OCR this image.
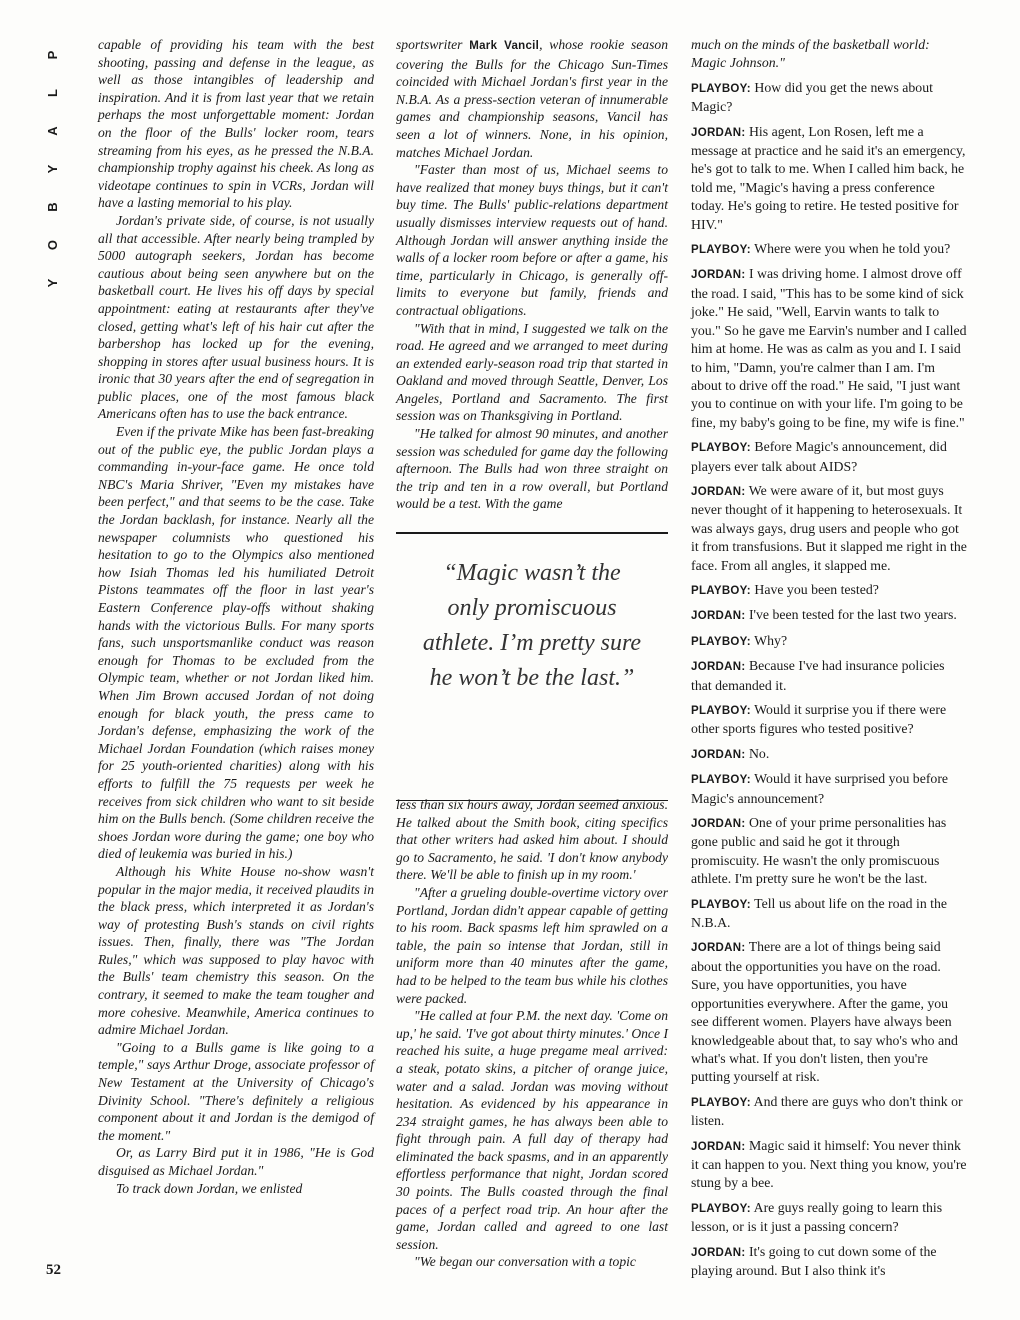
P
L
A
Y
B
O
Y
52

capable of providing his team with the best shooting, passing and defense in the league, as well as those intangibles of leadership and inspiration. And it is from last year that we retain perhaps the most unforgettable moment: Jordan on the floor of the Bulls' locker room, tears streaming from his eyes, as he pressed the N.B.A. championship trophy against his cheek. As long as videotape continues to spin in VCRs, Jordan will have a lasting memorial to his play.

Jordan's private side, of course, is not usually all that accessible. After nearly being trampled by 5000 autograph seekers, Jordan has become cautious about being seen anywhere but on the basketball court. He lives his off days by special appointment: eating at restaurants after they've closed, getting what's left of his hair cut after the barbershop has locked up for the evening, shopping in stores after usual business hours. It is ironic that 30 years after the end of segregation in public places, one of the most famous black Americans often has to use the back entrance.

Even if the private Mike has been fast-breaking out of the public eye, the public Jordan plays a commanding in-your-face game. He once told NBC's Maria Shriver, "Even my mistakes have been perfect," and that seems to be the case. Take the Jordan backlash, for instance. Nearly all the newspaper columnists who questioned his hesitation to go to the Olympics also mentioned how Isiah Thomas led his humiliated Detroit Pistons teammates off the floor in last year's Eastern Conference play-offs without shaking hands with the victorious Bulls. For many sports fans, such unsportsmanlike conduct was reason enough for Thomas to be excluded from the Olympic team, whether or not Jordan liked him. When Jim Brown accused Jordan of not doing enough for black youth, the press came to Jordan's defense, emphasizing the work of the Michael Jordan Foundation (which raises money for 25 youth-oriented charities) along with his efforts to fulfill the 75 requests per week he receives from sick children who want to sit beside him on the Bulls bench. (Some children receive the shoes Jordan wore during the game; one boy who died of leukemia was buried in his.)

Although his White House no-show wasn't popular in the major media, it received plaudits in the black press, which interpreted it as Jordan's way of protesting Bush's stands on civil rights issues. Then, finally, there was "The Jordan Rules," which was supposed to play havoc with the Bulls' team chemistry this season. On the contrary, it seemed to make the team tougher and more cohesive. Meanwhile, America continues to admire Michael Jordan.

"Going to a Bulls game is like going to a temple," says Arthur Droge, associate professor of New Testament at the University of Chicago's Divinity School. "There's definitely a religious component about it and Jordan is the demigod of the moment."

Or, as Larry Bird put it in 1986, "He is God disguised as Michael Jordan."

To track down Jordan, we enlisted

sportswriter Mark Vancil, whose rookie season covering the Bulls for the Chicago Sun-Times coincided with Michael Jordan's first year in the N.B.A. As a press-section veteran of innumerable games and championship seasons, Vancil has seen a lot of winners. None, in his opinion, matches Michael Jordan.

"Faster than most of us, Michael seems to have realized that money buys things, but it can't buy time. The Bulls' public-relations department usually dismisses interview requests out of hand. Although Jordan will answer anything inside the walls of a locker room before or after a game, his time, particularly in Chicago, is generally off-limits to everyone but family, friends and contractual obligations.

"With that in mind, I suggested we talk on the road. He agreed and we arranged to meet during an extended early-season road trip that started in Oakland and moved through Seattle, Denver, Los Angeles, Portland and Sacramento. The first session was on Thanksgiving in Portland.

"He talked for almost 90 minutes, and another session was scheduled for game day the following afternoon. The Bulls had won three straight on the trip and ten in a row overall, but Portland would be a test. With the game

less than six hours away, Jordan seemed anxious. He talked about the Smith book, citing specifics that other writers had asked him about. I should go to Sacramento, he said. 'I don't know anybody there. We'll be able to finish up in my room.'

"After a grueling double-overtime victory over Portland, Jordan didn't appear capable of getting to his room. Back spasms left him sprawled on a table, the pain so intense that Jordan, still in uniform more than 40 minutes after the game, had to be helped to the team bus while his clothes were packed.

"He called at four P.M. the next day. 'Come on up,' he said. 'I've got about thirty minutes.' Once I reached his suite, a huge pregame meal arrived: a steak, potato skins, a pitcher of orange juice, water and a salad. Jordan was moving without hesitation. As evidenced by his appearance in 234 straight games, he has always been able to fight through pain. A full day of therapy had eliminated the back spasms, and in an apparently effortless performance that night, Jordan scored 30 points. The Bulls coasted through the final paces of a perfect road trip. An hour after the game, Jordan called and agreed to one last session.

"We began our conversation with a topic

“Magic wasn’t the only promiscuous athlete. I’m pretty sure he won’t be the last.”

much on the minds of the basketball world: Magic Johnson."

PLAYBOY: How did you get the news about Magic?

JORDAN: His agent, Lon Rosen, left me a message at practice and he said it's an emergency, he's got to talk to me. When I called him back, he told me, "Magic's having a press conference today. He's going to retire. He tested positive for HIV."

PLAYBOY: Where were you when he told you?

JORDAN: I was driving home. I almost drove off the road. I said, "This has to be some kind of sick joke." He said, "Well, Earvin wants to talk to you." So he gave me Earvin's number and I called him at home. He was as calm as you and I. I said to him, "Damn, you're calmer than I am. I'm about to drive off the road." He said, "I just want you to continue on with your life. I'm going to be fine, my baby's going to be fine, my wife is fine."

PLAYBOY: Before Magic's announcement, did players ever talk about AIDS?

JORDAN: We were aware of it, but most guys never thought of it happening to heterosexuals. It was always gays, drug users and people who got it from transfusions. But it slapped me right in the face. From all angles, it slapped me.

PLAYBOY: Have you been tested?

JORDAN: I've been tested for the last two years.

PLAYBOY: Why?

JORDAN: Because I've had insurance policies that demanded it.

PLAYBOY: Would it surprise you if there were other sports figures who tested positive?

JORDAN: No.

PLAYBOY: Would it have surprised you before Magic's announcement?

JORDAN: One of your prime personalities has gone public and said he got it through promiscuity. He wasn't the only promiscuous athlete. I'm pretty sure he won't be the last.

PLAYBOY: Tell us about life on the road in the N.B.A.

JORDAN: There are a lot of things being said about the opportunities you have on the road. Sure, you have opportunities, you have opportunities everywhere. After the game, you see different women. Players have always been knowledgeable about that, to say who's who and what's what. If you don't listen, then you're putting yourself at risk.

PLAYBOY: And there are guys who don't think or listen.

JORDAN: Magic said it himself: You never think it can happen to you. Next thing you know, you're stung by a bee.

PLAYBOY: Are guys really going to learn this lesson, or is it just a passing concern?

JORDAN: It's going to cut down some of the playing around. But I also think it's
